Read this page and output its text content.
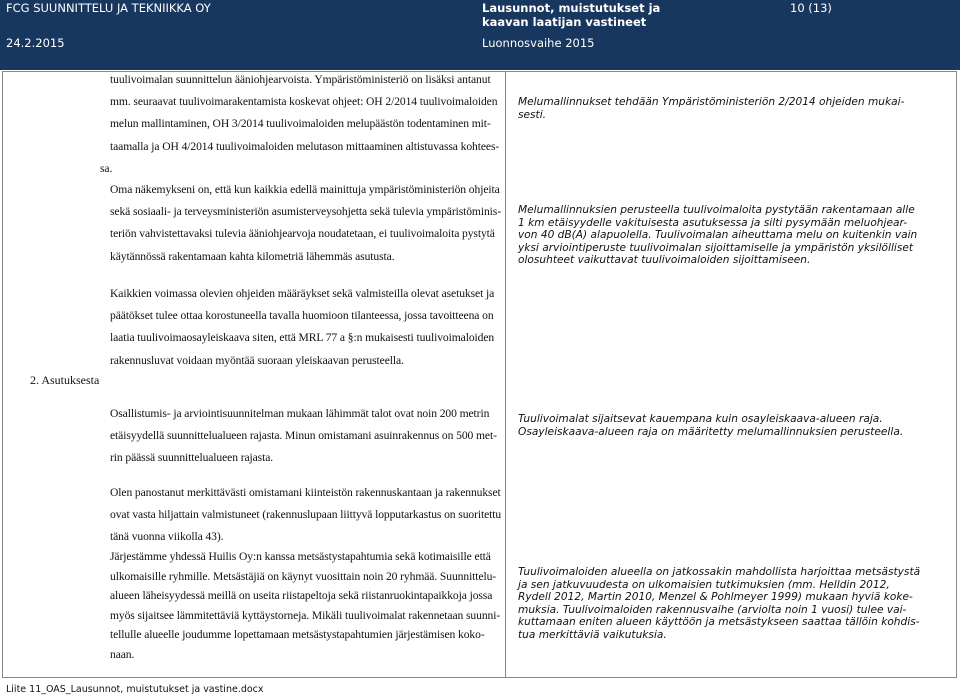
FCG SUUNNITTELU JA TEKNIIKKA OY
24.2.2015
Lausunnot, muistutukset ja
kaavan laatijan vastineet
Luonnosvaihe 2015
10 (13)
tuulivoimalan suunnittelun ääniohjearvoista. Ympäristöministeriö on lisäksi antanut
mm. seuraavat tuulivoimarakentamista koskevat ohjeet: OH 2/2014 tuulivoimaloiden
melun mallintaminen, OH 3/2014 tuulivoimaloiden melupäästön todentaminen mit-
taamalla ja OH 4/2014 tuulivoimaloiden melutason mittaaminen altistuvassa kohtees-
sa.
Oma näkemykseni on, että kun kaikkia edellä mainittuja ympäristöministeriön ohjeita
sekä sosiaali- ja terveysministeriön asumisterveysohjetta sekä tulevia ympäristöminis-
teriön vahvistettavaksi tulevia ääniohjearvoja noudatetaan, ei tuulivoimaloita pystytä
käytännössä rakentamaan kahta kilometriä lähemmäs asutusta.
Kaikkien voimassa olevien ohjeiden määräykset sekä valmisteilla olevat asetukset ja
päätökset tulee ottaa korostuneella tavalla huomioon tilanteessa, jossa tavoitteena on
laatia tuulivoimaosayleiskaava siten, että MRL 77 a §:n mukaisesti tuulivoimaloiden
rakennusluvat voidaan myöntää suoraan yleiskaavan perusteella.
Melumallinnukset tehdään Ympäristöministeriön 2/2014 ohjeiden mukai-
sesti.
Melumallinnuksien perusteella tuulivoimaloita pystytään rakentamaan alle
1 km etäisyydelle vakituisesta asutuksessa ja silti pysymään meluohjear-
von 40 dB(A) alapuolella. Tuulivoimalan aiheuttama melu on kuitenkin vain
yksi arviointiperuste tuulivoimalan sijoittamiselle ja ympäristön yksilölliset
olosuhteet vaikuttavat tuulivoimaloiden sijoittamiseen.
2. Asutuksesta
Osallistumis- ja arviointisuunnitelman mukaan lähimmät talot ovat noin 200 metrin
etäisyydellä suunnittelualueen rajasta. Minun omistamani asuinrakennus on 500 met-
rin päässä suunnittelualueen rajasta.
Olen panostanut merkittävästi omistamani kiinteistön rakennuskantaan ja rakennukset
ovat vasta hiljattain valmistuneet (rakennuslupaan liittyvä lopputarkastus on suoritettu
tänä vuonna viikolla 43).
Järjestämme yhdessä Huilis Oy:n kanssa metsästystapahtumia sekä kotimaisille että
ulkomaisille ryhmille. Metsästäjiä on käynyt vuosittain noin 20 ryhmää. Suunnittelu-
alueen läheisyydessä meillä on useita riistapeltoja sekä riistanruokintapaikkoja jossa
myös sijaitsee lämmitettäviä kyttäystorneja. Mikäli tuulivoimalat rakennetaan suunni-
tellulle alueelle joudumme lopettamaan metsästystapahtumien järjestämisen koko-
naan.
Tuulivoimalat sijaitsevat kauempana kuin osayleiskaava-alueen raja.
Osayleiskaava-alueen raja on määritetty melumallinnuksien perusteella.
Tuulivoimaloiden alueella on jatkossakin mahdollista harjoittaa metsästystä
ja sen jatkuvuudesta on ulkomaisien tutkimuksien (mm. Helldin 2012,
Rydell 2012, Martin 2010, Menzel & Pohlmeyer 1999) mukaan hyviä koke-
muksia. Tuulivoimaloiden rakennusvaihe (arviolta noin 1 vuosi) tulee vai-
kuttamaan eniten alueen käyttöön ja metsästykseen saattaa tällöin kohdis-
tua merkittäviä vaikutuksia.
Liite 11_OAS_Lausunnot, muistutukset ja vastine.docx
